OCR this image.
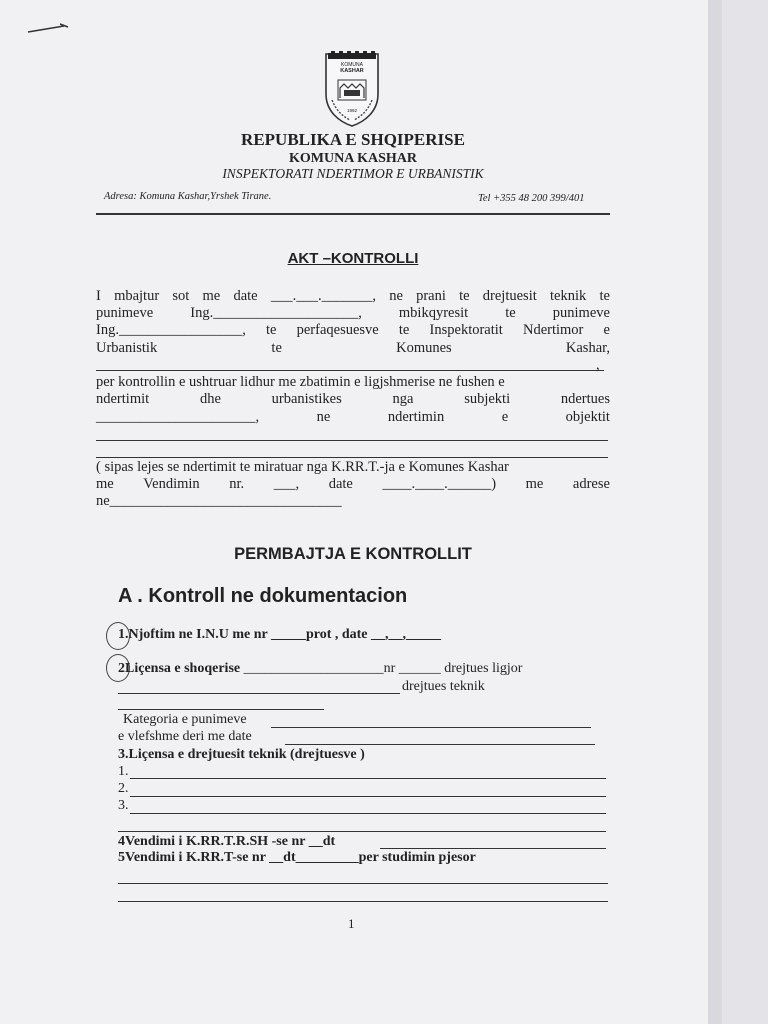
KOMUNA
KASHAR
1992
REPUBLIKA E SHQIPERISE
KOMUNA KASHAR
INSPEKTORATI NDERTIMOR E URBANISTIK
Adresa: Komuna Kashar,Yrshek Tirane.	Tel +355 48 200 399/401
AKT –KONTROLLI
I mbajtur sot me date ___.___._______, ne prani te drejtuesit teknik te
punimeve	Ing.____________________,	mbikqyresit	te	punimeve
Ing._________________, te perfaqesuesve te Inspektoratit Ndertimor e
Urbanistik	te	Komunes	Kashar,
,
per kontrollin e ushtruar lidhur me zbatimin e ligjshmerise ne fushen e
ndertimit	dhe	urbanistikes	nga	subjekti	ndertues
______________________,	ne	ndertimin	e	objektit
( sipas lejes se ndertimit te miratuar nga K.RR.T.-ja e Komunes Kashar
me Vendimin nr. ___, date ____.____.______) me adrese
ne________________________________
PERMBAJTJA E KONTROLLIT
A . Kontroll ne dokumentacion
1.Njoftim ne I.N.U me nr _____prot , date __,__,_____
2Liçensa e shoqerise ____________________nr ______ drejtues ligjor
drejtues teknik
Kategoria e punimeve
e vlefshme deri me date
3.Liçensa e drejtuesit teknik (drejtuesve )
1.
2.
3.
4Vendimi i K.RR.T.R.SH -se nr __dt
5Vendimi i K.RR.T-se nr __dt_________per studimin pjesor
1
